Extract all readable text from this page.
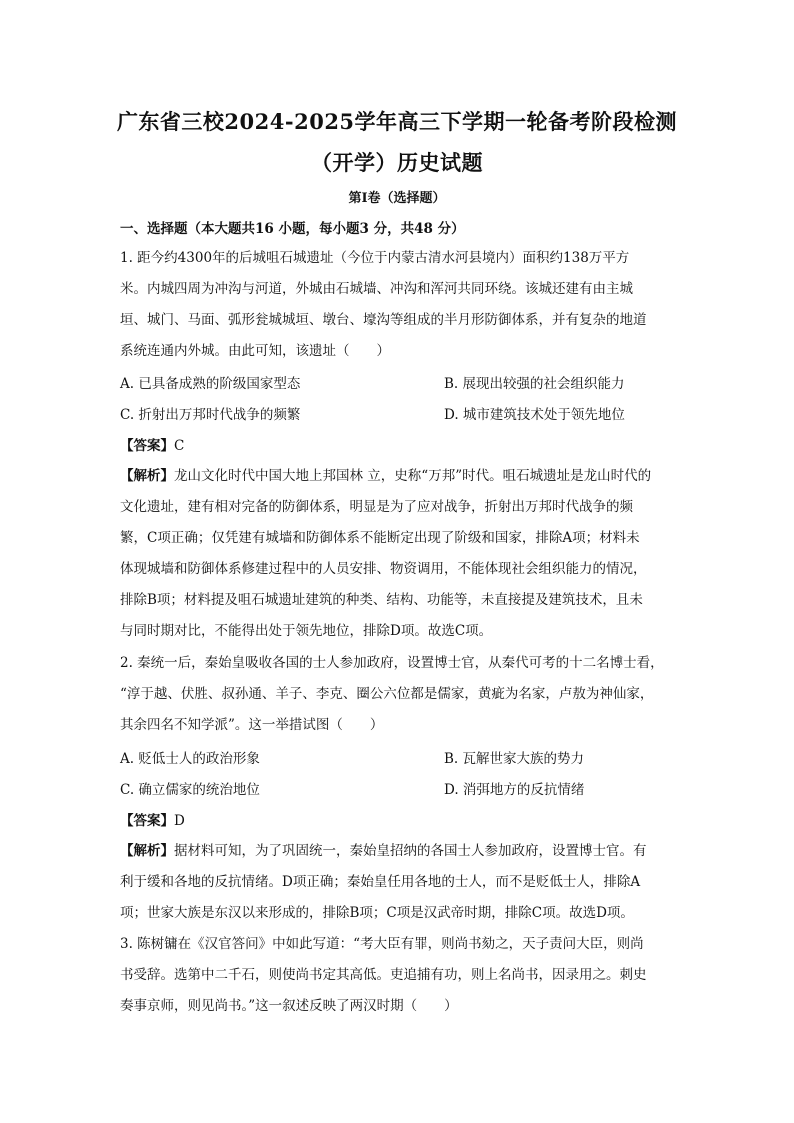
广东省三校2024-2025学年高三下学期一轮备考阶段检测
（开学）历史试题
第Ⅰ卷（选择题）
一、选择题（本大题共16 小题，每小题3 分，共48 分）
1. 距今约4300年的后城咀石城遗址（今位于内蒙古清水河县境内）面积约138万平方
米。内城四周为冲沟与河道，外城由石城墙、冲沟和浑河共同环绕。该城还建有由主城
垣、城门、马面、弧形瓮城城垣、墩台、壕沟等组成的半月形防御体系，并有复杂的地道
系统连通内外城。由此可知，该遗址（　　）
A. 已具备成熟的阶级国家型态	B. 展现出较强的社会组织能力
C. 折射出万邦时代战争的频繁	D. 城市建筑技术处于领先地位
【答案】C
【解析】龙山文化时代中国大地上邦国林 立，史称“万邦”时代。咀石城遗址是龙山时代的
文化遗址，建有相对完备的防御体系，明显是为了应对战争，折射出万邦时代战争的频
繁，C项正确；仅凭建有城墙和防御体系不能断定出现了阶级和国家，排除A项；材料未
体现城墙和防御体系修建过程中的人员安排、物资调用，不能体现社会组织能力的情况，
排除B项；材料提及咀石城遗址建筑的种类、结构、功能等，未直接提及建筑技术，且未
与同时期对比，不能得出处于领先地位，排除D项。故选C项。
2. 秦统一后，秦始皇吸收各国的士人参加政府，设置博士官，从秦代可考的十二名博士看，
“淳于越、伏胜、叔孙通、羊子、李克、圈公六位都是儒家，黄疵为名家，卢敖为神仙家，
其余四名不知学派”。这一举措试图（　　）
A. 贬低士人的政治形象	B. 瓦解世家大族的势力
C. 确立儒家的统治地位	D. 消弭地方的反抗情绪
【答案】D
【解析】据材料可知，为了巩固统一，秦始皇招纳的各国士人参加政府，设置博士官。有
利于缓和各地的反抗情绪。D项正确；秦始皇任用各地的士人，而不是贬低士人，排除A
项；世家大族是东汉以来形成的，排除B项；C项是汉武帝时期，排除C项。故选D项。
3. 陈树镛在《汉官答问》中如此写道：“考大臣有罪，则尚书劾之，天子责问大臣，则尚
书受辞。选第中二千石，则使尚书定其高低。吏追捕有功，则上名尚书，因录用之。刺史
奏事京师，则见尚书。”这一叙述反映了两汉时期（　　）
